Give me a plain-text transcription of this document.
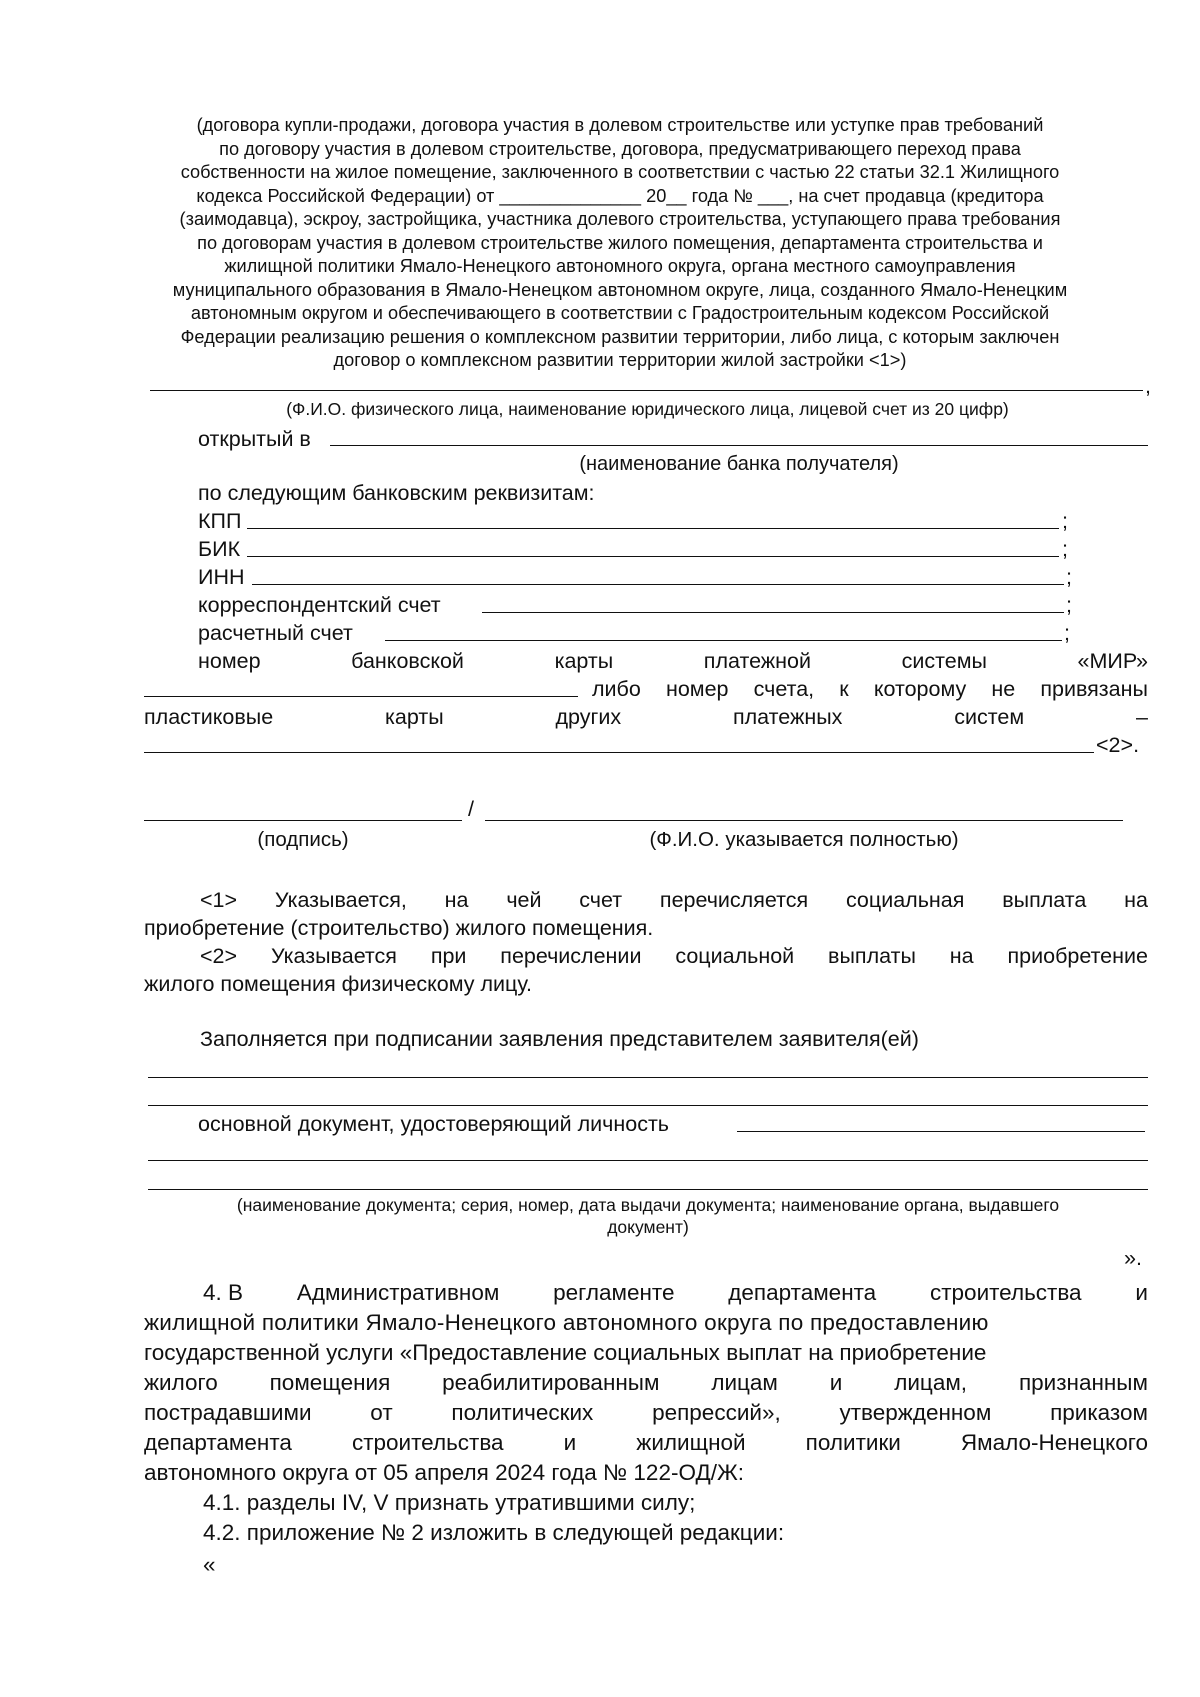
(договора купли-продажи, договора участия в долевом строительстве или уступке прав требований
по договору участия в долевом строительстве, договора, предусматривающего переход права
собственности на жилое помещение, заключенного в соответствии с частью 22 статьи 32.1 Жилищного
кодекса Российской Федерации) от ______________ 20__ года № ___, на счет продавца (кредитора
(заимодавца), эскроу, застройщика, участника долевого строительства, уступающего права требования
по договорам участия в долевом строительстве жилого помещения, департамента строительства и
жилищной политики Ямало-Ненецкого автономного округа, органа местного самоуправления
муниципального образования в Ямало-Ненецком автономном округе, лица, созданного Ямало-Ненецким
автономным округом и обеспечивающего в соответствии с Градостроительным кодексом Российской
Федерации реализацию решения о комплексном развитии территории, либо лица, с которым заключен
договор о комплексном развитии территории жилой застройки <1>)
,
(Ф.И.О. физического лица, наименование юридического лица, лицевой счет из 20 цифр)
открытый в
(наименование банка получателя)
по следующим банковским реквизитам:
КПП	;
БИК	;
ИНН	;
корреспондентский счет	;
расчетный счет	;
номер	банковской	карты	платежной	системы	«МИР»
либо номер счета, к которому не привязаны
пластиковые	карты	других	платежных	систем	–
<2>.
/
(подпись)	(Ф.И.О. указывается полностью)
<1> Указывается, на чей счет перечисляется социальная выплата на
приобретение (строительство) жилого помещения.
<2> Указывается при перечислении социальной выплаты на приобретение
жилого помещения физическому лицу.
Заполняется при подписании заявления представителем заявителя(ей)
основной документ, удостоверяющий личность
(наименование документа; серия, номер, дата выдачи документа; наименование органа, выдавшего
документ)
».
4. В Административном регламенте департамента строительства и
жилищной политики Ямало-Ненецкого автономного округа по предоставлению
государственной услуги «Предоставление социальных выплат на приобретение
жилого помещения реабилитированным лицам и лицам, признанным
пострадавшими	от	политических	репрессий»,	утвержденном	приказом
департамента	строительства	и	жилищной	политики	Ямало-Ненецкого
автономного округа от 05 апреля 2024 года № 122-ОД/Ж:
4.1. разделы IV, V признать утратившими силу;
4.2. приложение № 2 изложить в следующей редакции:
«
